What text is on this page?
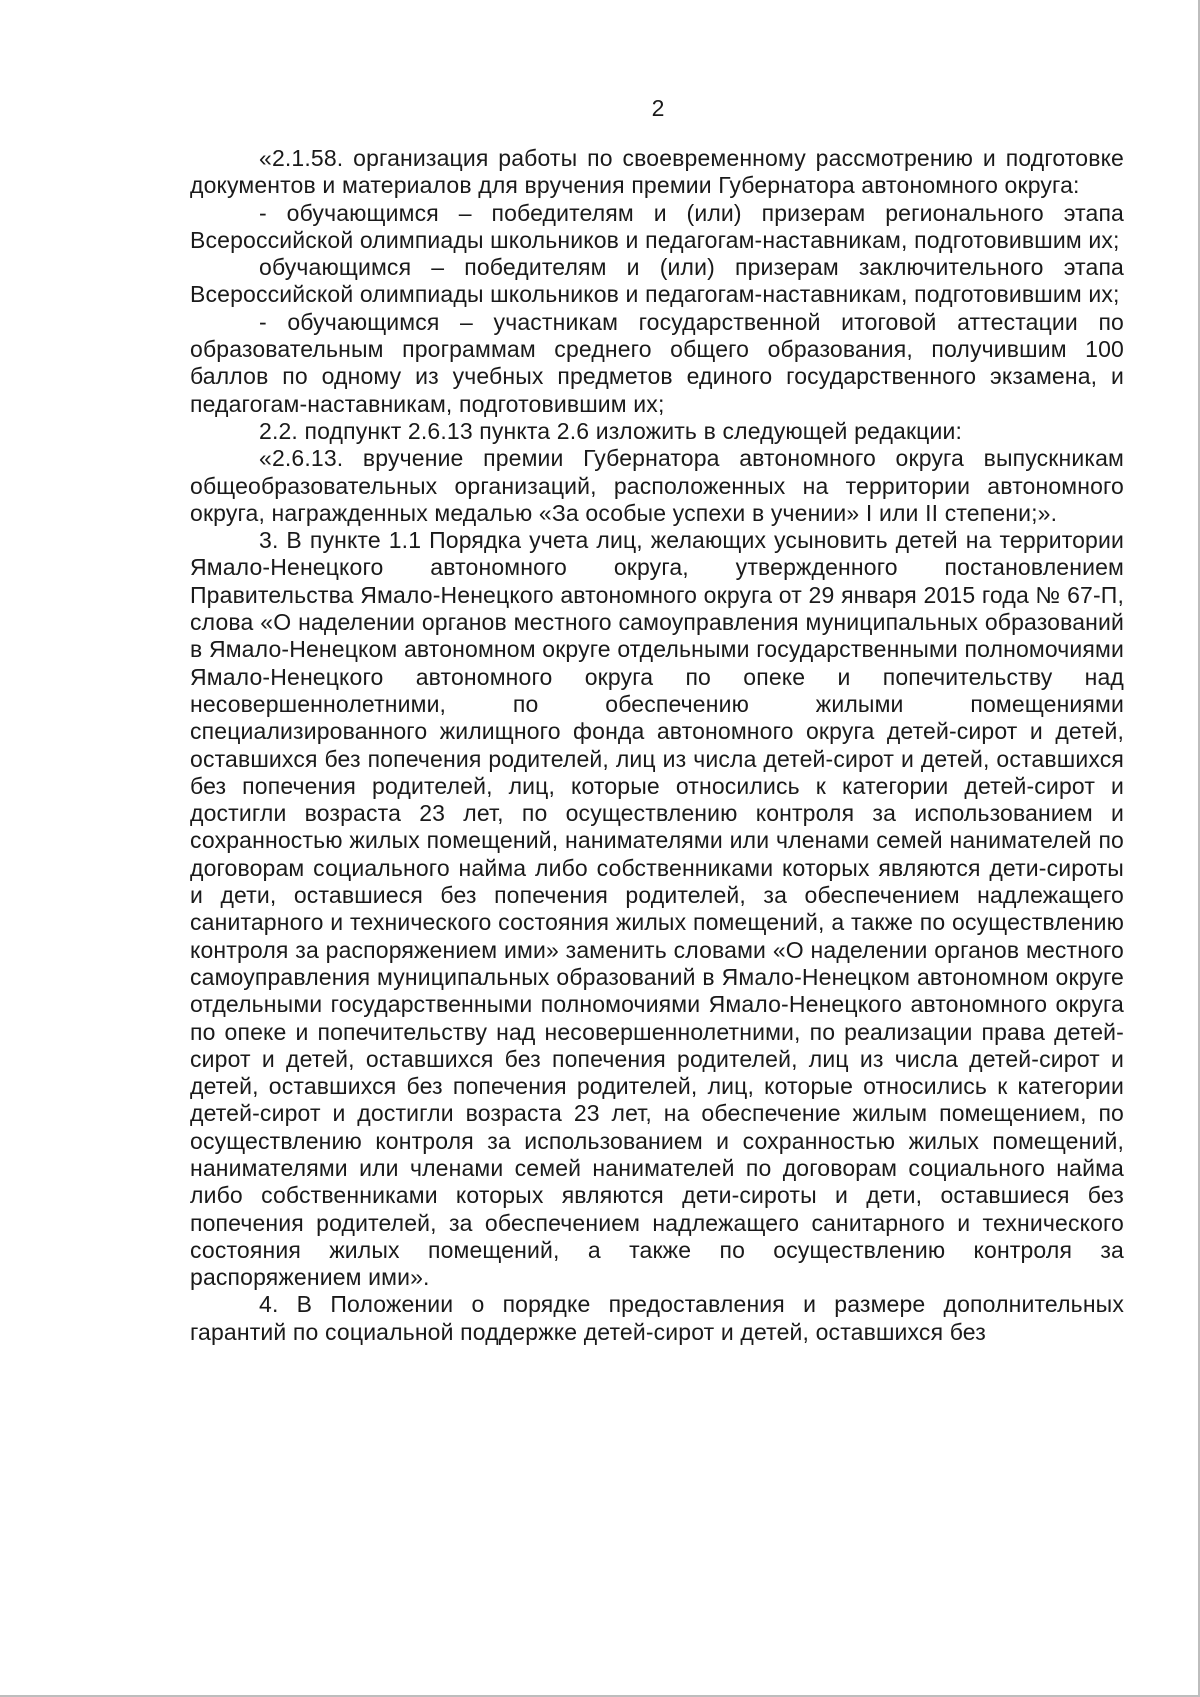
2

«2.1.58. организация работы по своевременному рассмотрению и подготовке документов и материалов для вручения премии Губернатора автономного округа:

- обучающимся – победителям и (или) призерам регионального этапа Всероссийской олимпиады школьников и педагогам-наставникам, подготовившим их;

обучающимся – победителям и (или) призерам заключительного этапа Всероссийской олимпиады школьников и педагогам-наставникам, подготовившим их;

- обучающимся – участникам государственной итоговой аттестации по образовательным программам среднего общего образования, получившим 100 баллов по одному из учебных предметов единого государственного экзамена, и педагогам-наставникам, подготовившим их;

2.2. подпункт 2.6.13 пункта 2.6 изложить в следующей редакции:

«2.6.13. вручение премии Губернатора автономного округа выпускникам общеобразовательных организаций, расположенных на территории автономного округа, награжденных медалью «За особые успехи в учении» I или II степени;».

3. В пункте 1.1 Порядка учета лиц, желающих усыновить детей на территории Ямало-Ненецкого автономного округа, утвержденного постановлением Правительства Ямало-Ненецкого автономного округа от 29 января 2015 года № 67-П, слова «О наделении органов местного самоуправления муниципальных образований в Ямало-Ненецком автономном округе отдельными государственными полномочиями Ямало-Ненецкого автономного округа по опеке и попечительству над несовершеннолетними, по обеспечению жилыми помещениями специализированного жилищного фонда автономного округа детей-сирот и детей, оставшихся без попечения родителей, лиц из числа детей-сирот и детей, оставшихся без попечения родителей, лиц, которые относились к категории детей-сирот и достигли возраста 23 лет, по осуществлению контроля за использованием и сохранностью жилых помещений, нанимателями или членами семей нанимателей по договорам социального найма либо собственниками которых являются дети-сироты и дети, оставшиеся без попечения родителей, за обеспечением надлежащего санитарного и технического состояния жилых помещений, а также по осуществлению контроля за распоряжением ими» заменить словами «О наделении органов местного самоуправления муниципальных образований в Ямало-Ненецком автономном округе отдельными государственными полномочиями Ямало-Ненецкого автономного округа по опеке и попечительству над несовершеннолетними, по реализации права детей-сирот и детей, оставшихся без попечения родителей, лиц из числа детей-сирот и детей, оставшихся без попечения родителей, лиц, которые относились к категории детей-сирот и достигли возраста 23 лет, на обеспечение жилым помещением, по осуществлению контроля за использованием и сохранностью жилых помещений, нанимателями или членами семей нанимателей по договорам социального найма либо собственниками которых являются дети-сироты и дети, оставшиеся без попечения родителей, за обеспечением надлежащего санитарного и технического состояния жилых помещений, а также по осуществлению контроля за распоряжением ими».

4. В Положении о порядке предоставления и размере дополнительных гарантий по социальной поддержке детей-сирот и детей, оставшихся без
